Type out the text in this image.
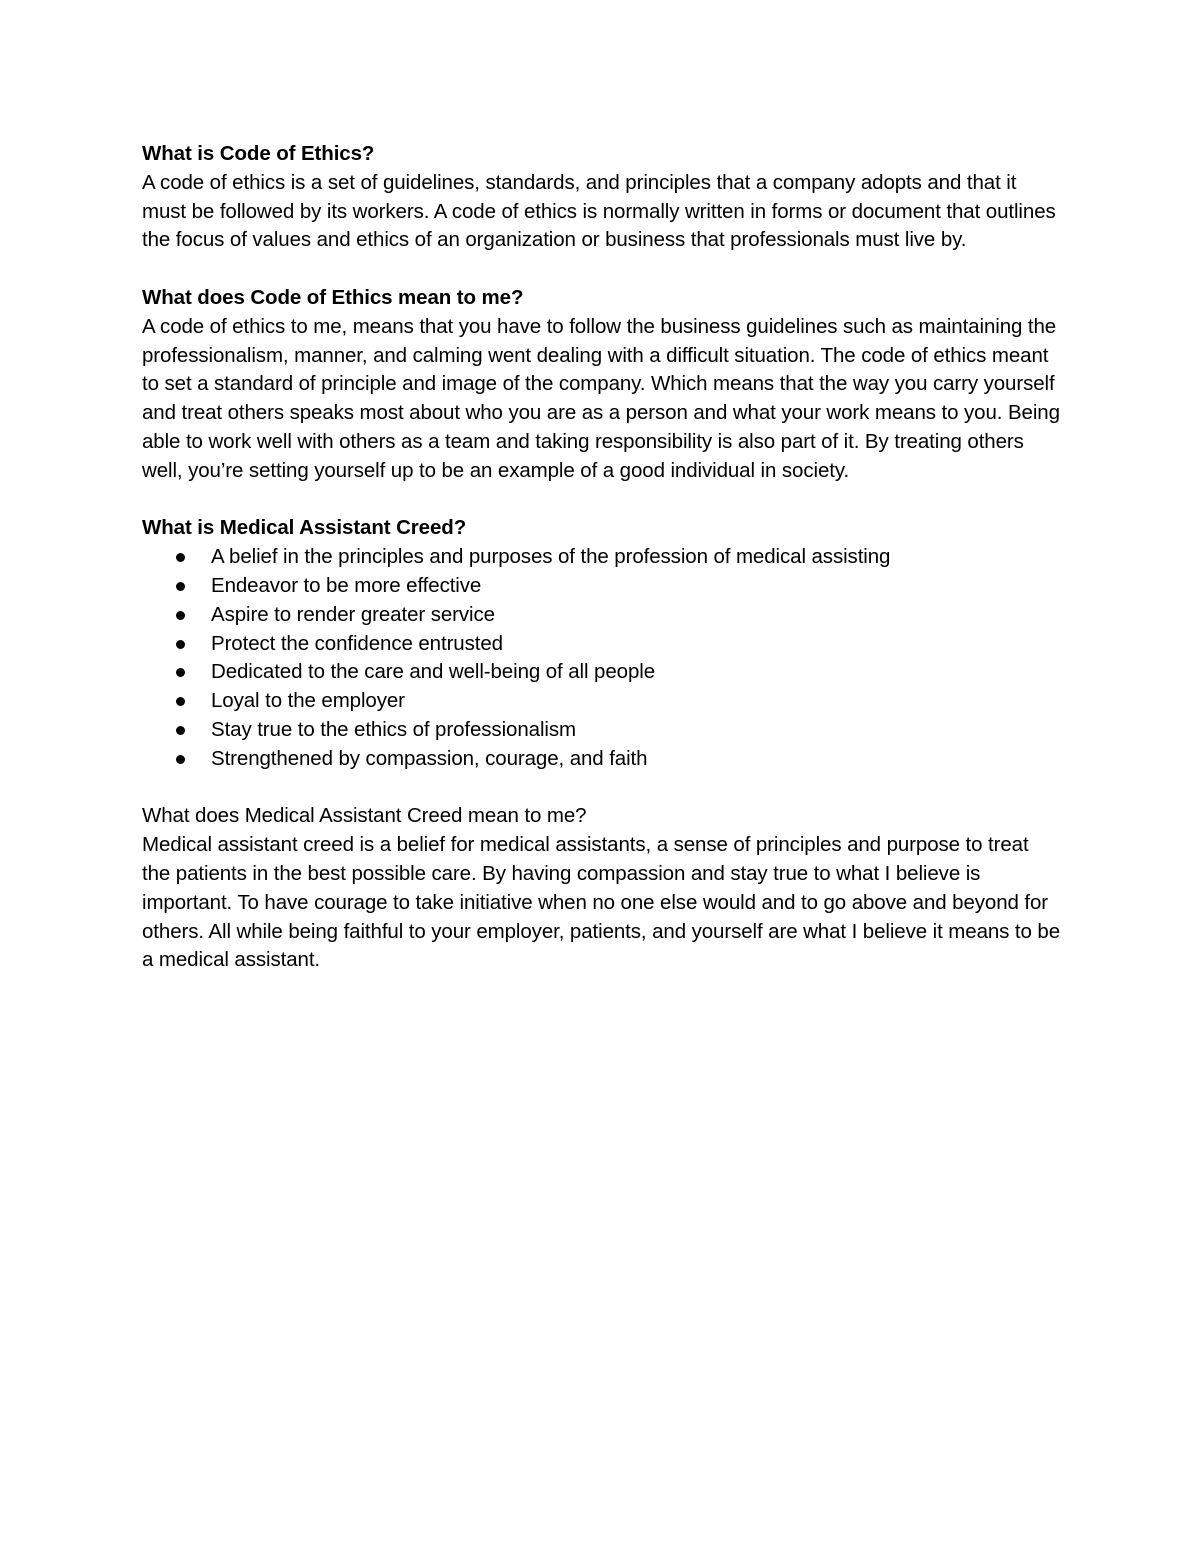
What is Code of Ethics?

A code of ethics is a set of guidelines, standards, and principles that a company adopts and that it must be followed by its workers. A code of ethics is normally written in forms or document that outlines the focus of values and ethics of an organization or business that professionals must live by.

What does Code of Ethics mean to me?

A code of ethics to me, means that you have to follow the business guidelines such as maintaining the professionalism, manner, and calming went dealing with a difficult situation. The code of ethics meant to set a standard of principle and image of the company. Which means that the way you carry yourself and treat others speaks most about who you are as a person and what your work means to you. Being able to work well with others as a team and taking responsibility is also part of it. By treating others well, you’re setting yourself up to be an example of a good individual in society.

What is Medical Assistant Creed?

A belief in the principles and purposes of the profession of medical assisting
Endeavor to be more effective
Aspire to render greater service
Protect the confidence entrusted
Dedicated to the care and well-being of all people
Loyal to the employer
Stay true to the ethics of professionalism
Strengthened by compassion, courage, and faith

What does Medical Assistant Creed mean to me?

Medical assistant creed is a belief for medical assistants, a sense of principles and purpose to treat the patients in the best possible care. By having compassion and stay true to what I believe is important. To have courage to take initiative when no one else would and to go above and beyond for others. All while being faithful to your employer, patients, and yourself are what I believe it means to be a medical assistant.
